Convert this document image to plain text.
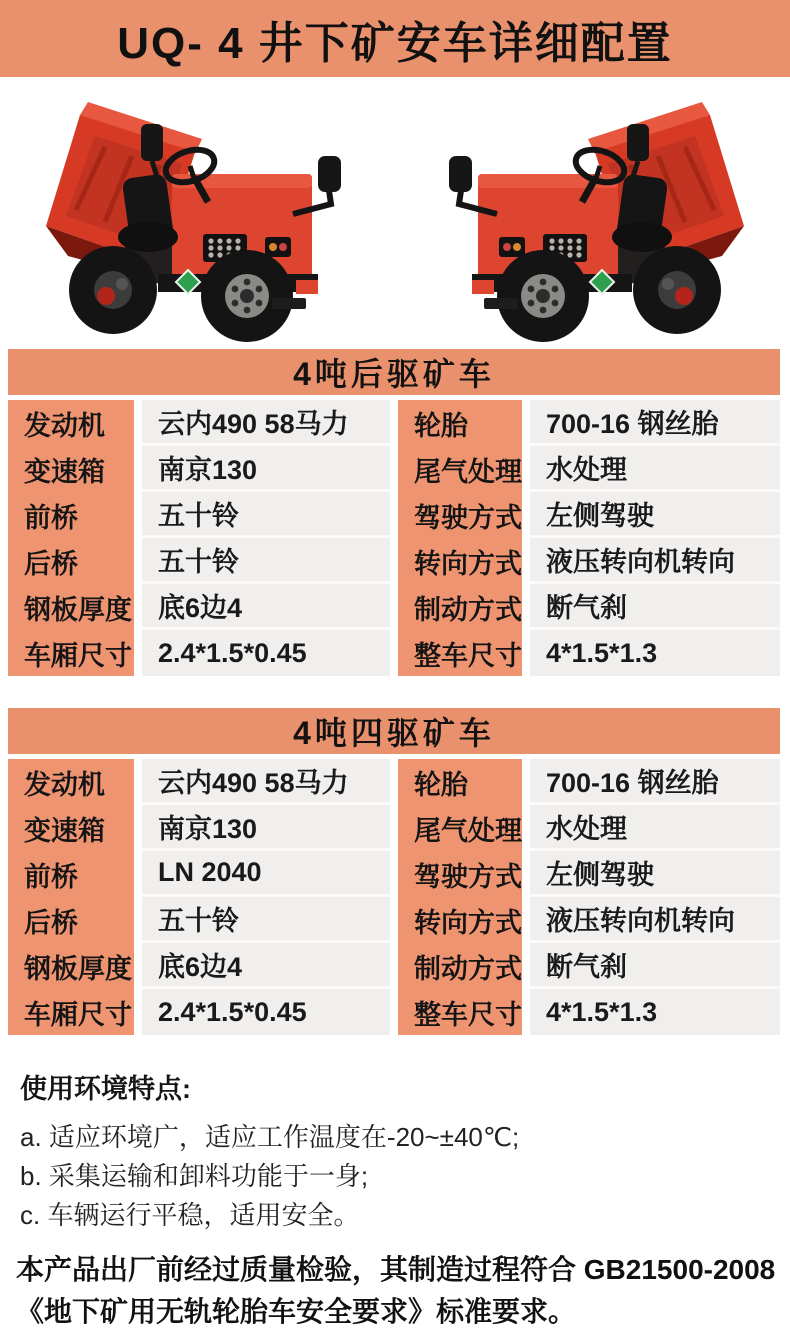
UQ- 4 井下矿安车详细配置
4吨后驱矿车
发动机	云内490 58马力	轮胎	700-16 钢丝胎
变速箱	南京130	尾气处理 水处理
前桥	五十铃	驾驶方式 左侧驾驶
后桥	五十铃	转向方式 液压转向机转向
钢板厚度 底6边4	制动方式 断气刹
车厢尺寸 2.4*1.5*0.45	整车尺寸 4*1.5*1.3
4吨四驱矿车
发动机	云内490 58马力	轮胎	700-16 钢丝胎
变速箱	南京130	尾气处理 水处理
前桥	LN 2040	驾驶方式 左侧驾驶
后桥	五十铃	转向方式 液压转向机转向
钢板厚度 底6边4	制动方式 断气刹
车厢尺寸 2.4*1.5*0.45	整车尺寸 4*1.5*1.3
使用环境特点:
a. 适应环境广，适应工作温度在-20~±40℃;
b. 采集运输和卸料功能于一身;
c. 车辆运行平稳，适用安全。
本产品出厂前经过质量检验，其制造过程符合 GB21500-2008
《地下矿用无轨轮胎车安全要求》标准要求。
